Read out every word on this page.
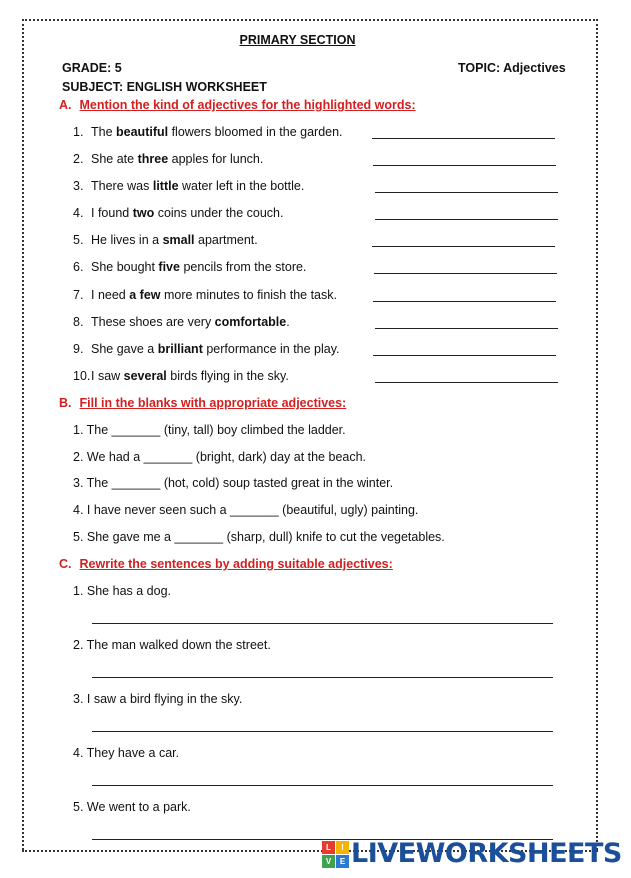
PRIMARY SECTION
GRADE: 5	TOPIC: Adjectives
SUBJECT: ENGLISH WORKSHEET
A. Mention the kind of adjectives for the highlighted words:
1. The beautiful flowers bloomed in the garden.
2. She ate three apples for lunch.
3. There was little water left in the bottle.
4. I found two coins under the couch.
5. He lives in a small apartment.
6. She bought five pencils from the store.
7. I need a few more minutes to finish the task.
8. These shoes are very comfortable.
9. She gave a brilliant performance in the play.
10.I saw several birds flying in the sky.
B. Fill in the blanks with appropriate adjectives:
1. The _______ (tiny, tall) boy climbed the ladder.
2. We had a _______ (bright, dark) day at the beach.
3. The _______ (hot, cold) soup tasted great in the winter.
4. I have never seen such a _______ (beautiful, ugly) painting.
5. She gave me a _______ (sharp, dull) knife to cut the vegetables.
C. Rewrite the sentences by adding suitable adjectives:
1. She has a dog.
2. The man walked down the street.
3. I saw a bird flying in the sky.
4. They have a car.
5. We went to a park.
L	I
V	E LIVEWORKSHEETS
